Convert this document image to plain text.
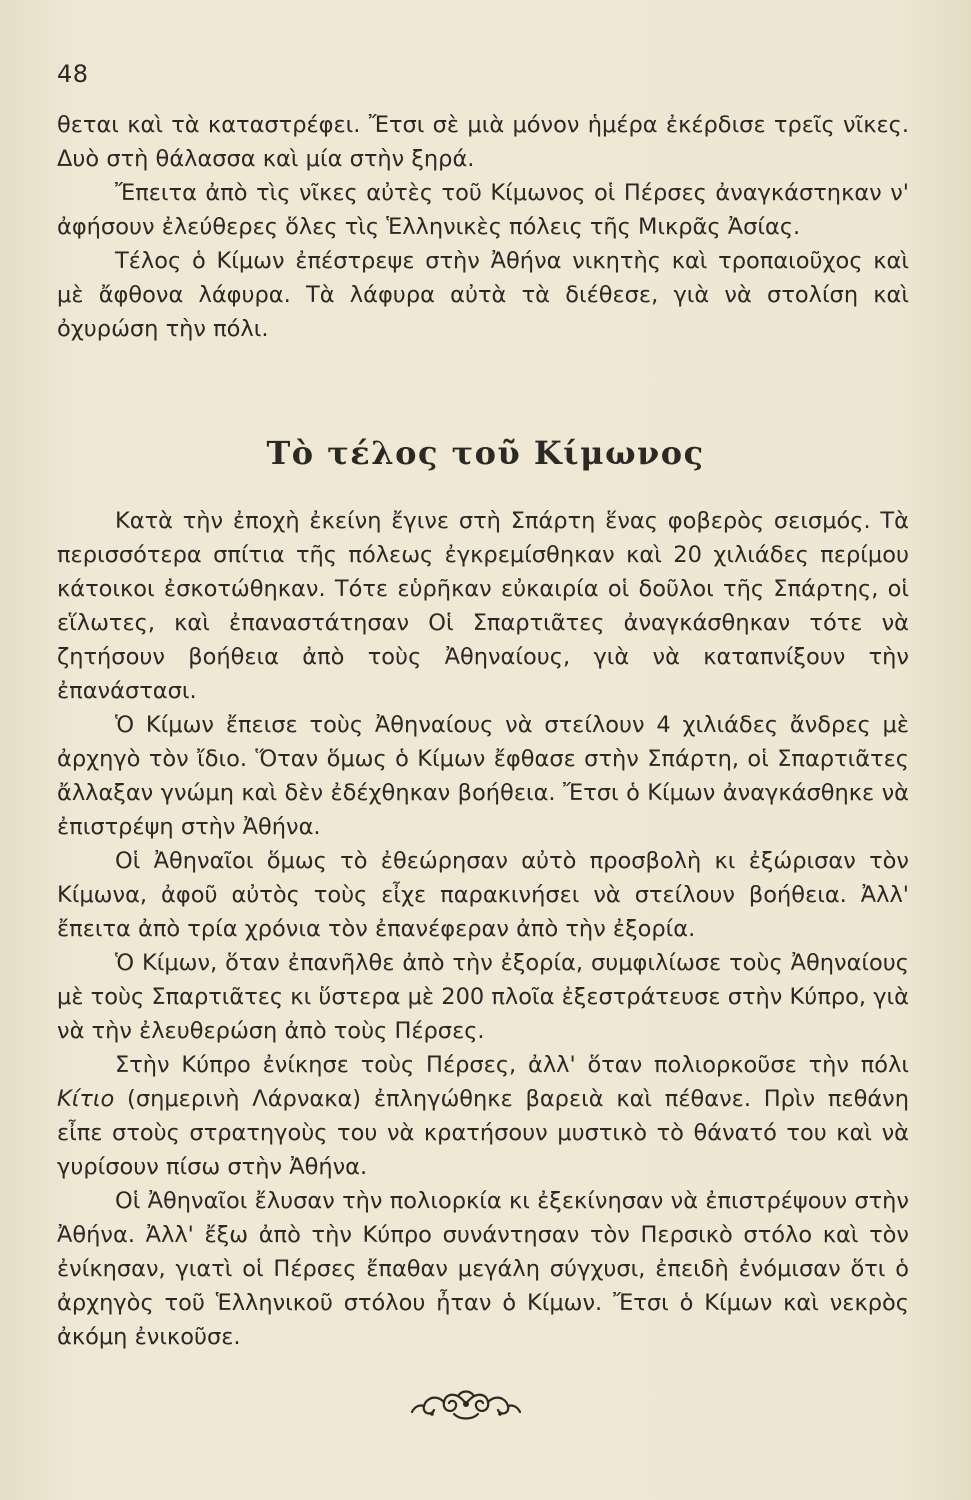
48

θεται καὶ τὰ καταστρέφει. Ἔτσι σὲ μιὰ μόνον ἡμέρα ἐκέρδισε τρεῖς νῖκες. Δυὸ στὴ θάλασσα καὶ μία στὴν ξηρά.

Ἔπειτα ἀπὸ τὶς νῖκες αὐτὲς τοῦ Κίμωνος οἱ Πέρσες ἀναγκάστηκαν ν' ἀφήσουν ἐλεύθερες ὅλες τὶς Ἑλληνικὲς πόλεις τῆς Μικρᾶς Ἀσίας.

Τέλος ὁ Κίμων ἐπέστρεψε στὴν Ἀθήνα νικητὴς καὶ τροπαιοῦχος καὶ μὲ ἄφθονα λάφυρα. Τὰ λάφυρα αὐτὰ τὰ διέθεσε, γιὰ νὰ στολίση καὶ ὀχυρώση τὴν πόλι.

Τὸ τέλος τοῦ Κίμωνος

Κατὰ τὴν ἐποχὴ ἐκείνη ἔγινε στὴ Σπάρτη ἕνας φοβερὸς σεισμός. Τὰ περισσότερα σπίτια τῆς πόλεως ἐγκρεμίσθηκαν καὶ 20 χιλιάδες περίμου κάτοικοι ἐσκοτώθηκαν. Τότε εὑρῆκαν εὐκαιρία οἱ δοῦλοι τῆς Σπάρτης, οἱ εἵλωτες, καὶ ἐπαναστάτησαν Οἱ Σπαρτιᾶτες ἀναγκάσθηκαν τότε νὰ ζητήσουν βοήθεια ἀπὸ τοὺς Ἀθηναίους, γιὰ νὰ καταπνίξουν τὴν ἐπανάστασι.

Ὁ Κίμων ἔπεισε τοὺς Ἀθηναίους νὰ στείλουν 4 χιλιάδες ἄνδρες μὲ ἀρχηγὸ τὸν ἴδιο. Ὅταν ὅμως ὁ Κίμων ἔφθασε στὴν Σπάρτη, οἱ Σπαρτιᾶτες ἄλλαξαν γνώμη καὶ δὲν ἐδέχθηκαν βοήθεια. Ἔτσι ὁ Κίμων ἀναγκάσθηκε νὰ ἐπιστρέψη στὴν Ἀθήνα.

Οἱ Ἀθηναῖοι ὅμως τὸ ἐθεώρησαν αὐτὸ προσβολὴ κι ἐξώρισαν τὸν Κίμωνα, ἀφοῦ αὐτὸς τοὺς εἶχε παρακινήσει νὰ στείλουν βοήθεια. Ἀλλ' ἔπειτα ἀπὸ τρία χρόνια τὸν ἐπανέφεραν ἀπὸ τὴν ἐξορία.

Ὁ Κίμων, ὅταν ἐπανῆλθε ἀπὸ τὴν ἐξορία, συμφιλίωσε τοὺς Ἀθηναίους μὲ τοὺς Σπαρτιᾶτες κι ὕστερα μὲ 200 πλοῖα ἐξεστράτευσε στὴν Κύπρο, γιὰ νὰ τὴν ἐλευθερώση ἀπὸ τοὺς Πέρσες.

Στὴν Κύπρο ἐνίκησε τοὺς Πέρσες, ἀλλ' ὅταν πολιορκοῦσε τὴν πόλι Κίτιο (σημερινὴ Λάρνακα) ἐπληγώθηκε βαρειὰ καὶ πέθανε. Πρὶν πεθάνη εἶπε στοὺς στρατηγοὺς του νὰ κρατήσουν μυστικὸ τὸ θάνατό του καὶ νὰ γυρίσουν πίσω στὴν Ἀθήνα.

Οἱ Ἀθηναῖοι ἔλυσαν τὴν πολιορκία κι ἐξεκίνησαν νὰ ἐπιστρέψουν στὴν Ἀθήνα. Ἀλλ' ἔξω ἀπὸ τὴν Κύπρο συνάντησαν τὸν Περσικὸ στόλο καὶ τὸν ἐνίκησαν, γιατὶ οἱ Πέρσες ἔπαθαν μεγάλη σύγχυσι, ἐπειδὴ ἐνόμισαν ὅτι ὁ ἀρχηγὸς τοῦ Ἑλληνικοῦ στόλου ἦταν ὁ Κίμων. Ἔτσι ὁ Κίμων καὶ νεκρὸς ἀκόμη ἐνικοῦσε.
